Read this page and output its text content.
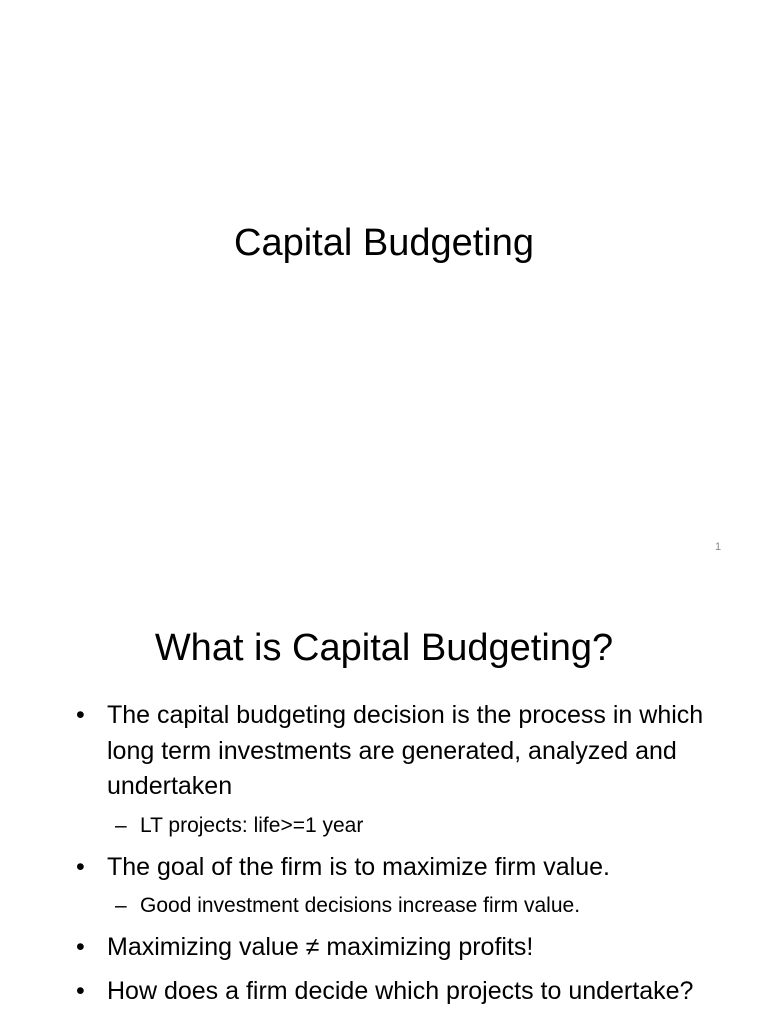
Capital Budgeting
1
What is Capital Budgeting?
• The capital budgeting decision is the process in which long term investments are generated, analyzed and undertaken
– LT projects: life>=1 year
• The goal of the firm is to maximize firm value.
– Good investment decisions increase firm value.
• Maximizing value ≠ maximizing profits!
• How does a firm decide which projects to undertake?
